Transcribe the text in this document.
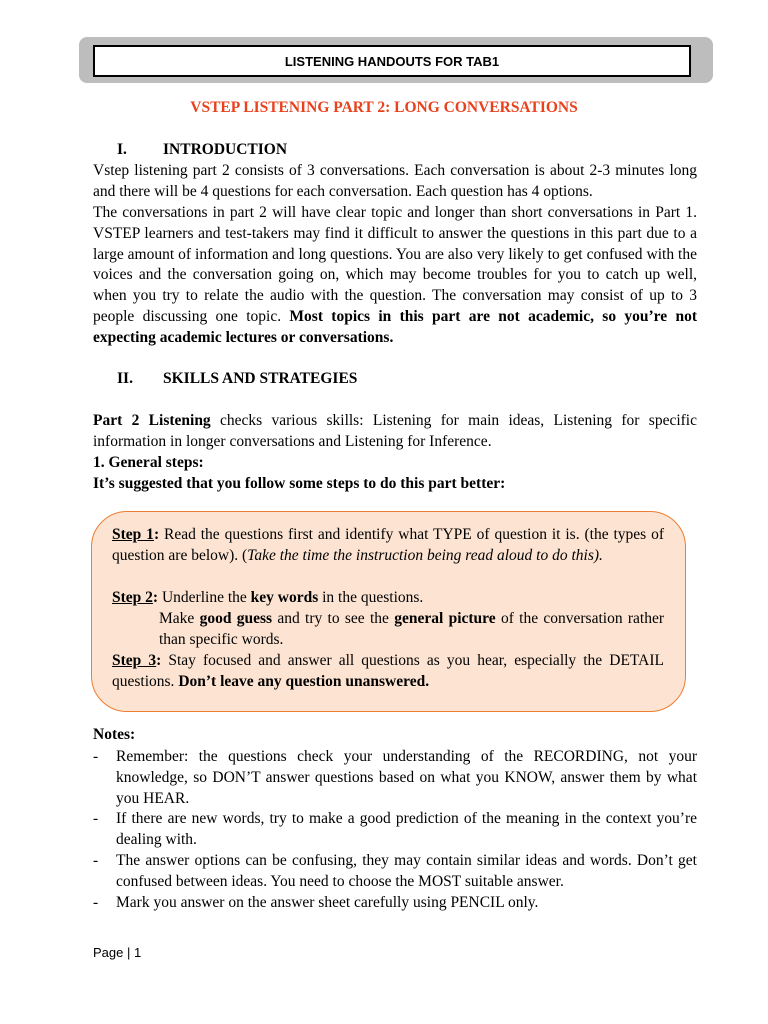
LISTENING HANDOUTS FOR TAB1
VSTEP LISTENING PART 2: LONG CONVERSATIONS
I. INTRODUCTION
Vstep listening part 2 consists of 3 conversations. Each conversation is about 2-3 minutes long and there will be 4 questions for each conversation. Each question has 4 options.
The conversations in part 2 will have clear topic and longer than short conversations in Part 1. VSTEP learners and test-takers may find it difficult to answer the questions in this part due to a large amount of information and long questions. You are also very likely to get confused with the voices and the conversation going on, which may become troubles for you to catch up well, when you try to relate the audio with the question. The conversation may consist of up to 3 people discussing one topic. Most topics in this part are not academic, so you’re not expecting academic lectures or conversations.
II. SKILLS AND STRATEGIES
Part 2 Listening checks various skills: Listening for main ideas, Listening for specific information in longer conversations and Listening for Inference.
1. General steps:
It’s suggested that you follow some steps to do this part better:
Step 1: Read the questions first and identify what TYPE of question it is. (the types of question are below). (Take the time the instruction being read aloud to do this).
Step 2: Underline the key words in the questions.
Make good guess and try to see the general picture of the conversation rather than specific words.
Step 3: Stay focused and answer all questions as you hear, especially the DETAIL questions. Don’t leave any question unanswered.
Notes:
-	Remember: the questions check your understanding of the RECORDING, not your knowledge, so DON’T answer questions based on what you KNOW, answer them by what you HEAR.
-	If there are new words, try to make a good prediction of the meaning in the context you’re dealing with.
-	The answer options can be confusing, they may contain similar ideas and words. Don’t get confused between ideas. You need to choose the MOST suitable answer.
-	Mark you answer on the answer sheet carefully using PENCIL only.
Page | 1
